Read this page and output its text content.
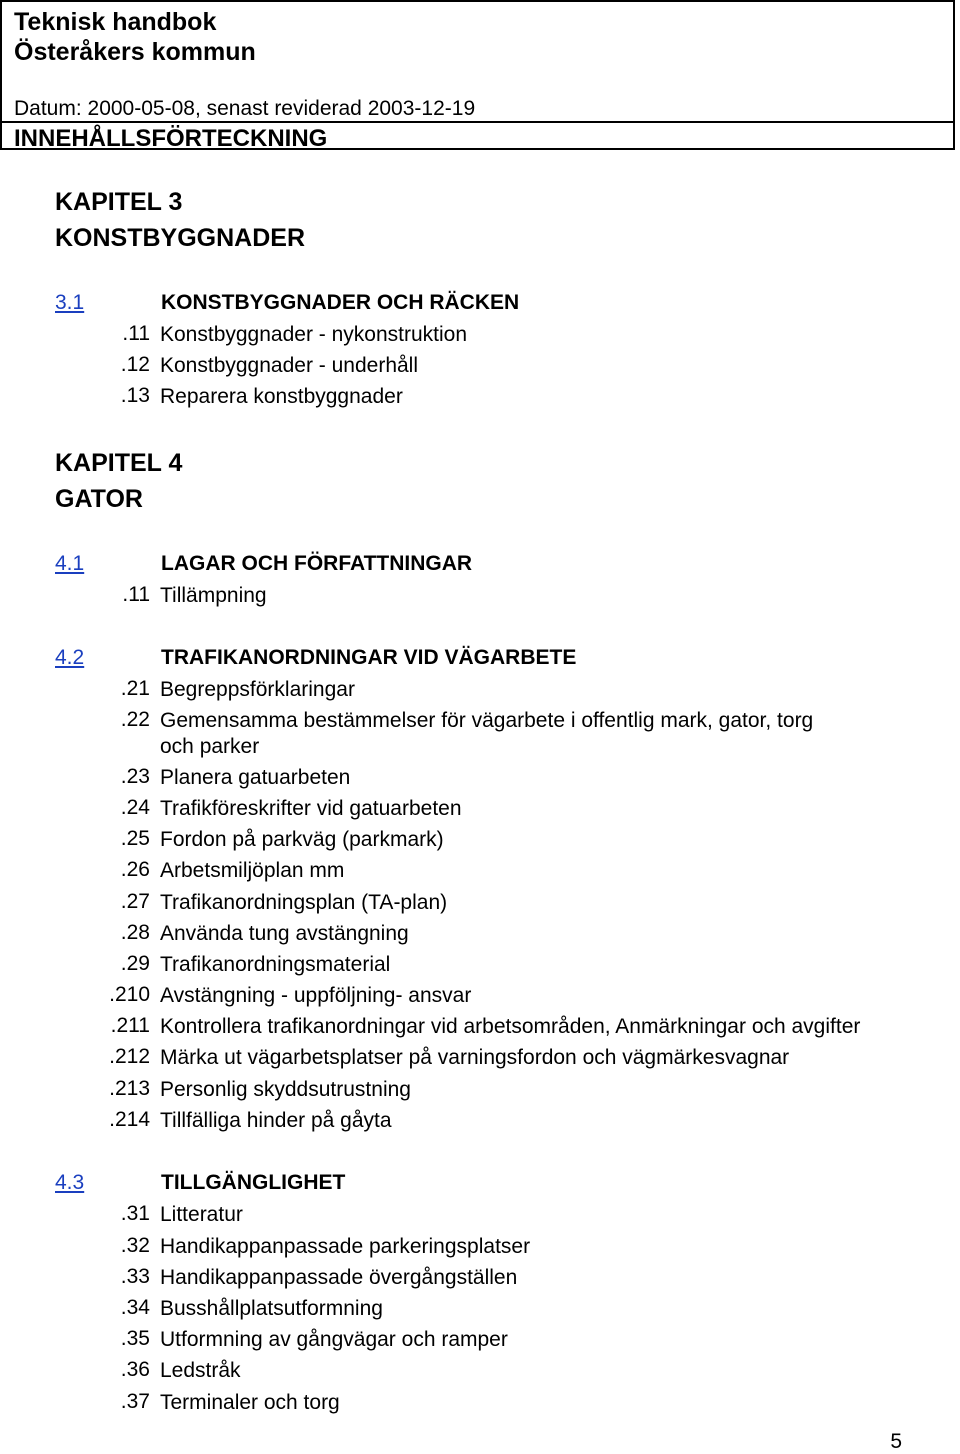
Teknisk handbok
Österåkers kommun
Datum: 2000-05-08, senast reviderad 2003-12-19
INNEHÅLLSFÖRTECKNING
KAPITEL 3
KONSTBYGGNADER
3.1	KONSTBYGGNADER OCH RÄCKEN
.11 Konstbyggnader - nykonstruktion
.12 Konstbyggnader - underhåll
.13 Reparera konstbyggnader
KAPITEL 4
GATOR
4.1	LAGAR OCH FÖRFATTNINGAR
.11 Tillämpning
4.2	TRAFIKANORDNINGAR VID VÄGARBETE
.21 Begreppsförklaringar
.22 Gemensamma bestämmelser för vägarbete i offentlig mark, gator, torg
och parker
.23 Planera gatuarbeten
.24 Trafikföreskrifter vid gatuarbeten
.25 Fordon på parkväg (parkmark)
.26 Arbetsmiljöplan mm
.27 Trafikanordningsplan (TA-plan)
.28 Använda tung avstängning
.29 Trafikanordningsmaterial
.210 Avstängning - uppföljning- ansvar
.211 Kontrollera trafikanordningar vid arbetsområden, Anmärkningar och avgifter
.212 Märka ut vägarbetsplatser på varningsfordon och vägmärkesvagnar
.213 Personlig skyddsutrustning
.214 Tillfälliga hinder på gåyta
4.3	TILLGÄNGLIGHET
.31 Litteratur
.32 Handikappanpassade parkeringsplatser
.33 Handikappanpassade övergångställen
.34 Busshållplatsutformning
.35 Utformning av gångvägar och ramper
.36 Ledstråk
.37 Terminaler och torg
5
